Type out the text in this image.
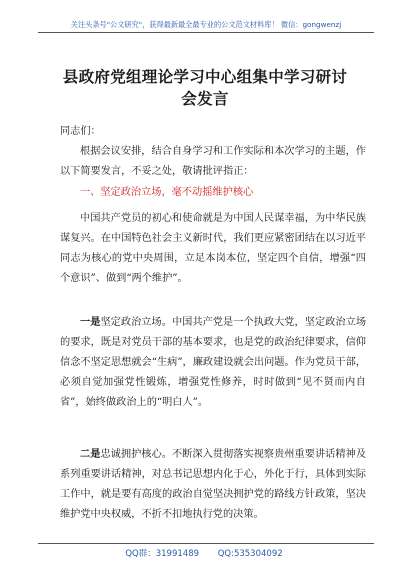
关注头条号"公文研究"，获得最新最全最专业的公文范文材料库！ 微信：gongwenzj
县政府党组理论学习中心组集中学习研讨
会发言
同志们：
根据会议安排，结合自身学习和工作实际和本次学习的主题，作以下简要发言，不妥之处，敬请批评指正：
一、坚定政治立场，毫不动摇维护核心
中国共产党员的初心和使命就是为中国人民谋幸福，为中华民族谋复兴。在中国特色社会主义新时代，我们更应紧密团结在以习近平同志为核心的党中央周围，立足本岗本位，坚定四个自信，增强“四个意识”、做到“两个维护”。
一是坚定政治立场。中国共产党是一个执政大党，坚定政治立场的要求，既是对党员干部的基本要求，也是党的政治纪律要求，信仰信念不坚定思想就会“生病”，廉政建设就会出问题。作为党员干部，必须自觉加强党性锻炼，增强党性修养，时时做到“见不贤而内自省”，始终做政治上的“明白人”。
二是忠诚拥护核心。不断深入贯彻落实视察贵州重要讲话精神及系列重要讲话精神，对总书记思想内化于心，外化于行，具体到实际工作中，就是要有高度的政治自觉坚决拥护党的路线方针政策，坚决维护党中央权威，不折不扣地执行党的决策。
QQ群：31991489 QQ:535304092
